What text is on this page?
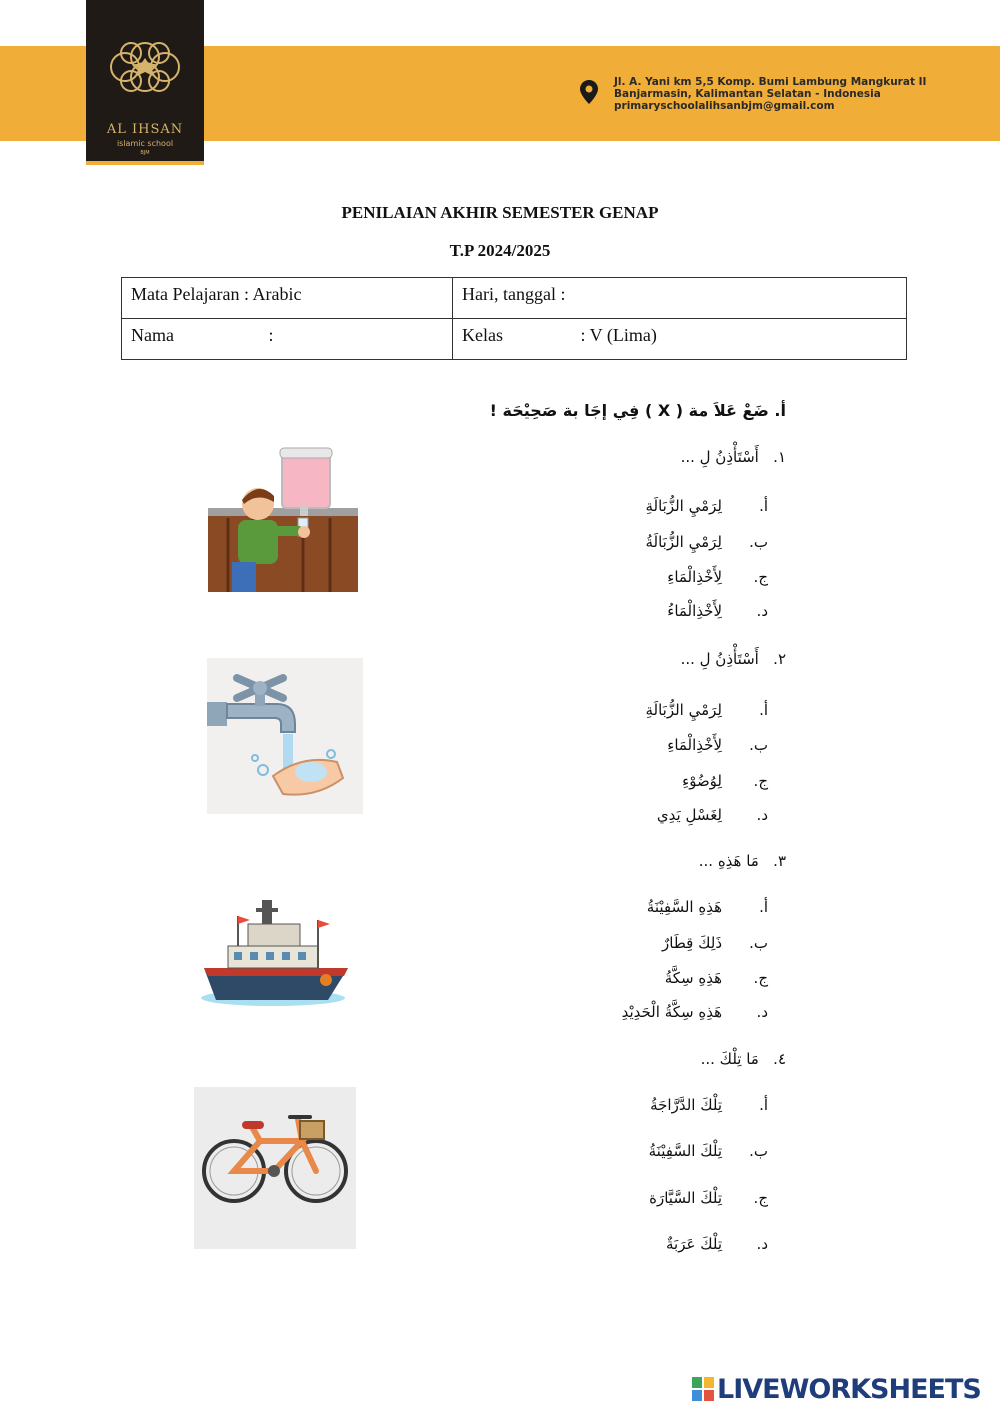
AL IHSAN
islamic school
BJM
Jl. A. Yani km 5,5 Komp. Bumi Lambung Mangkurat II
Banjarmasin, Kalimantan Selatan - Indonesia
primaryschoolalihsanbjm@gmail.com
PENILAIAN AKHIR SEMESTER GENAP
T.P 2024/2025
Mata Pelajaran : Arabic	Hari, tanggal :
Nama :	Kelas : V (Lima)
أ. ضَعْ عَلاَ مة ( X ) فِي إجَا بة صَحِيْحَة !
١.   أَسْتَأْذِنُ لِ ...
أ.
لِرَمْيِ الزُّبَالَةِ
ب.
لِرَمْيِ الزُّبَالَةُ
ج.
لِأَخْذِالْمَاءِ
د.
لِأَخْذِالْمَاءُ
٢.   أَسْتَأْذِنُ لِ ...
أ.
لِرَمْيِ الزُّبَالَةِ
ب.
لِأَخْذِالْمَاءِ
ج.
لِوُضُوْءِ
د.
لِغَسْلِ يَدِي
٣.   مَا هَذِهِ ...
أ.
هَذِهِ السَّفِيْنَةُ
ب.
ذَلِكَ قِطَارٌ
ج.
هَذِهِ سِكَّةُ
د.
هَذِهِ سِكَّةُ الْحَدِيْدِ
٤.   مَا تِلْكَ ...
أ.
تِلْكَ الدَّرَّاجَةُ
ب.
تِلْكَ السَّفِيْنَةُ
ج.
تِلْكَ السَّيَّارَة
د.
تِلْكَ عَرَبَةٌ
LIVEWORKSHEETS
